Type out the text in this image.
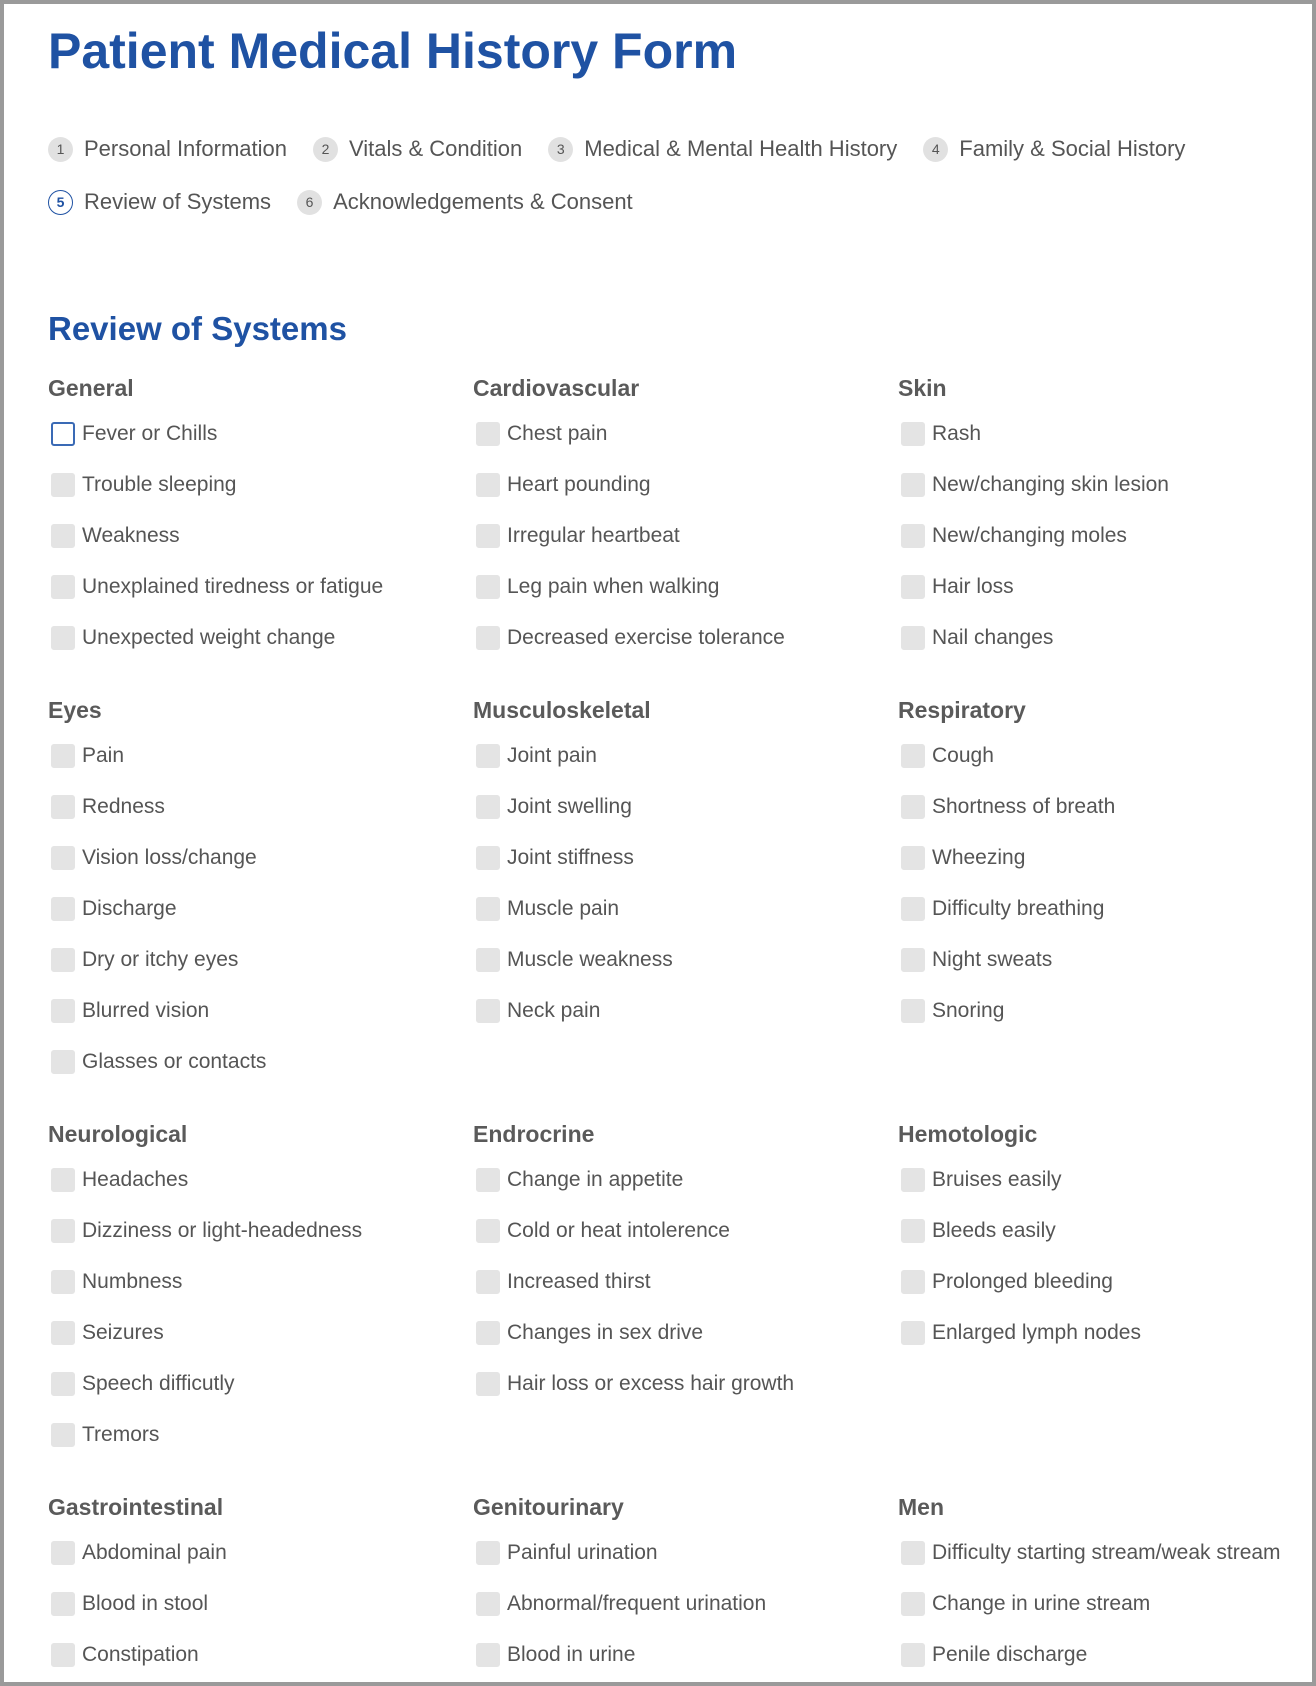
Patient Medical History Form
1 Personal Information	2 Vitals & Condition	3 Medical & Mental Health History	4 Family & Social History
5 Review of Systems	6 Acknowledgements & Consent
Review of Systems
General
Fever or Chills
Trouble sleeping
Weakness
Unexplained tiredness or fatigue
Unexpected weight change
Cardiovascular
Chest pain
Heart pounding
Irregular heartbeat
Leg pain when walking
Decreased exercise tolerance
Skin
Rash
New/changing skin lesion
New/changing moles
Hair loss
Nail changes
Eyes
Pain
Redness
Vision loss/change
Discharge
Dry or itchy eyes
Blurred vision
Glasses or contacts
Musculoskeletal
Joint pain
Joint swelling
Joint stiffness
Muscle pain
Muscle weakness
Neck pain
Respiratory
Cough
Shortness of breath
Wheezing
Difficulty breathing
Night sweats
Snoring
Neurological
Headaches
Dizziness or light-headedness
Numbness
Seizures
Speech difficutly
Tremors
Endrocrine
Change in appetite
Cold or heat intolerence
Increased thirst
Changes in sex drive
Hair loss or excess hair growth
Hemotologic
Bruises easily
Bleeds easily
Prolonged bleeding
Enlarged lymph nodes
Gastrointestinal
Abdominal pain
Blood in stool
Constipation
Genitourinary
Painful urination
Abnormal/frequent urination
Blood in urine
Men
Difficulty starting stream/weak stream
Change in urine stream
Penile discharge
